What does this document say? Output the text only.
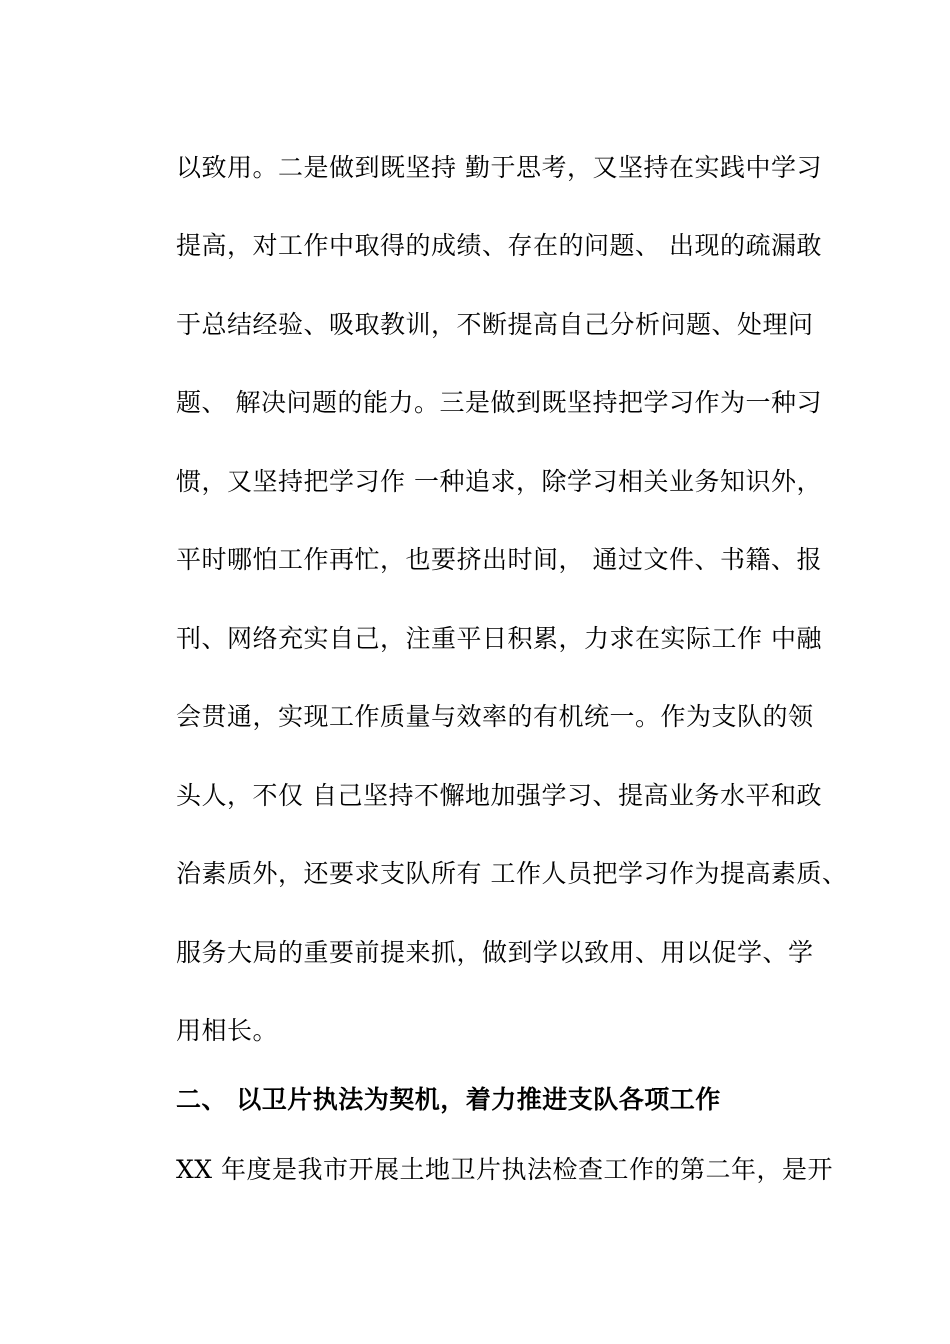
以致用。二是做到既坚持 勤于思考，又坚持在实践中学习
提高，对工作中取得的成绩、存在的问题、 出现的疏漏敢
于总结经验、吸取教训，不断提高自己分析问题、处理问
题、 解决问题的能力。三是做到既坚持把学习作为一种习
惯，又坚持把学习作 一种追求，除学习相关业务知识外，
平时哪怕工作再忙，也要挤出时间， 通过文件、书籍、报
刊、网络充实自己，注重平日积累，力求在实际工作 中融
会贯通，实现工作质量与效率的有机统一。作为支队的领
头人，不仅 自己坚持不懈地加强学习、提高业务水平和政
治素质外，还要求支队所有 工作人员把学习作为提高素质、
服务大局的重要前提来抓，做到学以致用、用以促学、学
用相长。
二、 以卫片执法为契机，着力推进支队各项工作
XX 年度是我市开展土地卫片执法检查工作的第二年，是开
